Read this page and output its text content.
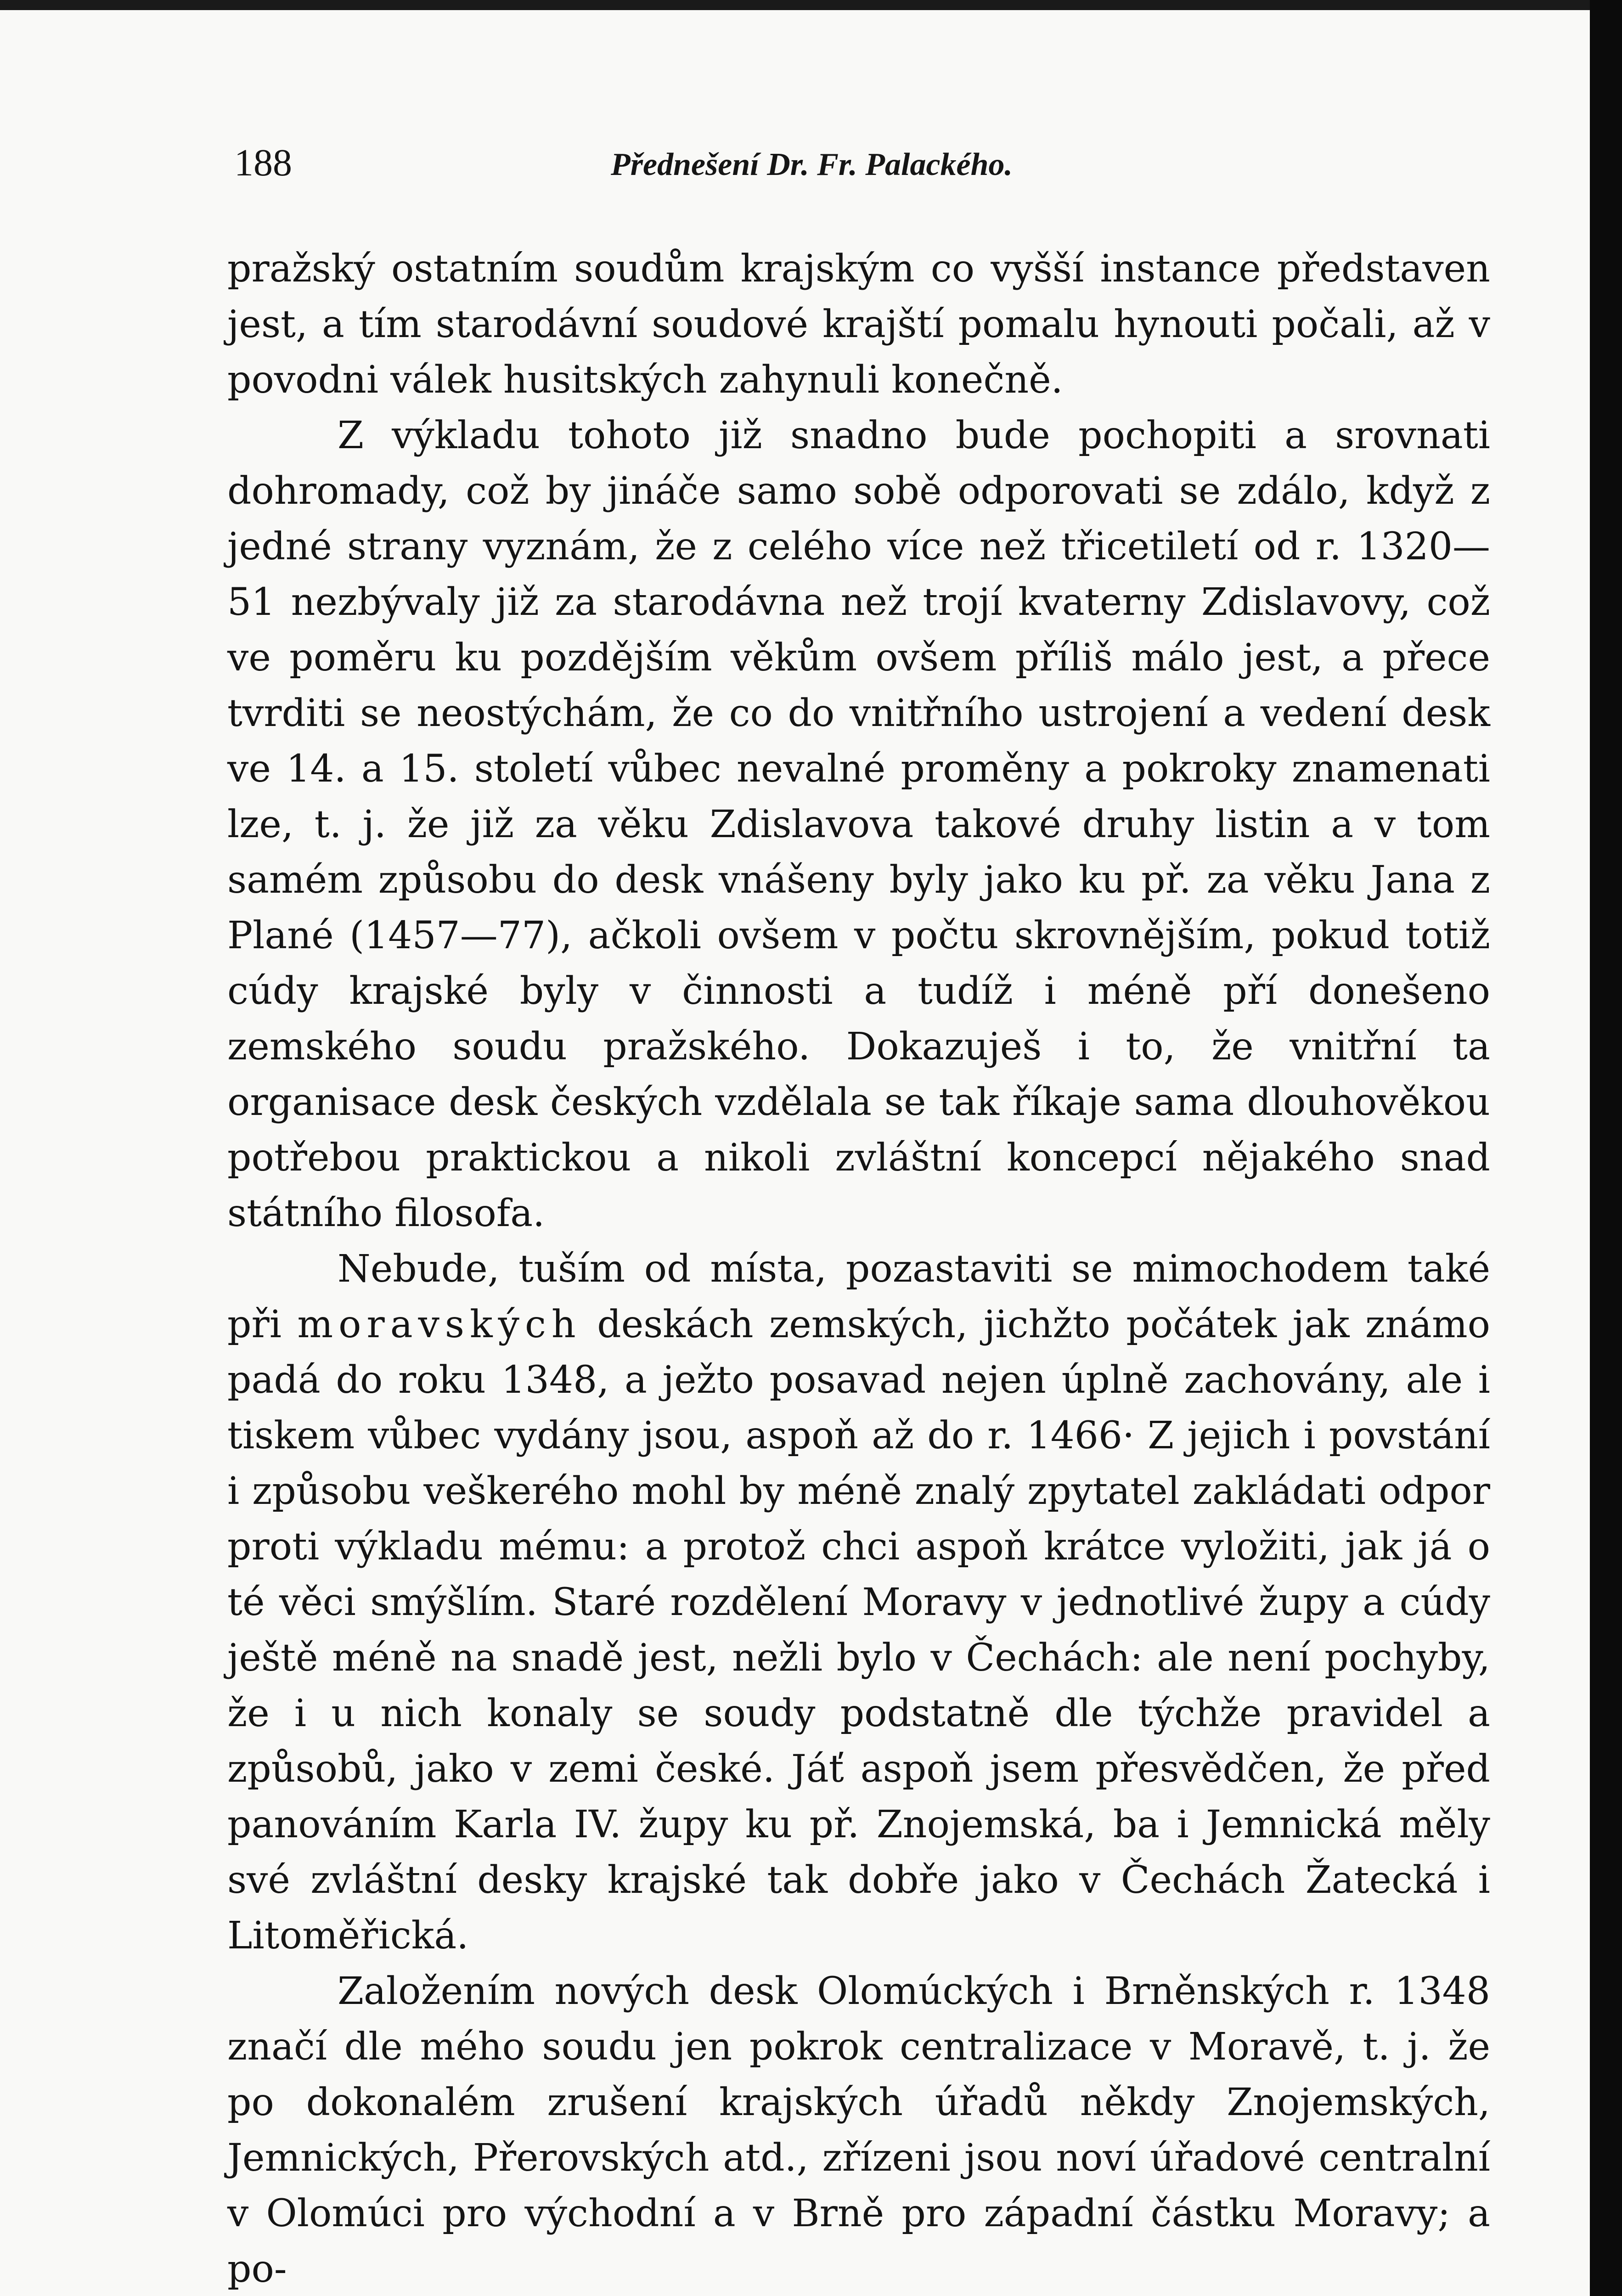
188	Přednešení Dr. Fr. Palackého.

pražský ostatním soudům krajským co vyšší instance představen jest, a tím starodávní soudové krajští pomalu hynouti počali, až v povodni válek husitských zahynuli konečně.

Z výkladu tohoto již snadno bude pochopiti a srovnati dohromady, což by jináče samo sobě odporovati se zdálo, když z jedné strany vyznám, že z celého více než třicetiletí od r. 1320—51 nezbývaly již za starodávna než trojí kvaterny Zdislavovy, což ve poměru ku pozdějším věkům ovšem příliš málo jest, a přece tvrditi se neostýchám, že co do vnitřního ustrojení a vedení desk ve 14. a 15. století vůbec nevalné proměny a pokroky znamenati lze, t. j. že již za věku Zdislavova takové druhy listin a v tom samém způsobu do desk vnášeny byly jako ku př. za věku Jana z Plané (1457—77), ačkoli ovšem v počtu skrovnějším, pokud totiž cúdy krajské byly v činnosti a tudíž i méně pří donešeno zemského soudu pražského. Dokazuješ i to, že vnitřní ta organisace desk českých vzdělala se tak říkaje sama dlouhověkou potřebou praktickou a nikoli zvláštní koncepcí nějakého snad státního filosofa.

Nebude, tuším od místa, pozastaviti se mimochodem také při moravských deskách zemských, jichžto počátek jak známo padá do roku 1348, a ježto posavad nejen úplně zachovány, ale i tiskem vůbec vydány jsou, aspoň až do r. 1466· Z jejich i povstání i způsobu veškerého mohl by méně znalý zpytatel zakládati odpor proti výkladu mému: a protož chci aspoň krátce vyložiti, jak já o té věci smýšlím. Staré rozdělení Moravy v jednotlivé župy a cúdy ještě méně na snadě jest, nežli bylo v Čechách: ale není pochyby, že i u nich konaly se soudy podstatně dle týchže pravidel a způsobů, jako v zemi české. Jáť aspoň jsem přesvědčen, že před panováním Karla IV. župy ku př. Znojemská, ba i Jemnická měly své zvláštní desky krajské tak dobře jako v Čechách Žatecká i Litoměřická.

Založením nových desk Olomúckých i Brněnských r. 1348 značí dle mého soudu jen pokrok centralizace v Moravě, t. j. že po dokonalém zrušení krajských úřadů někdy Znojemských, Jemnických, Přerovských atd., zřízeni jsou noví úřadové centralní v Olomúci pro východní a v Brně pro západní částku Moravy; a po-
